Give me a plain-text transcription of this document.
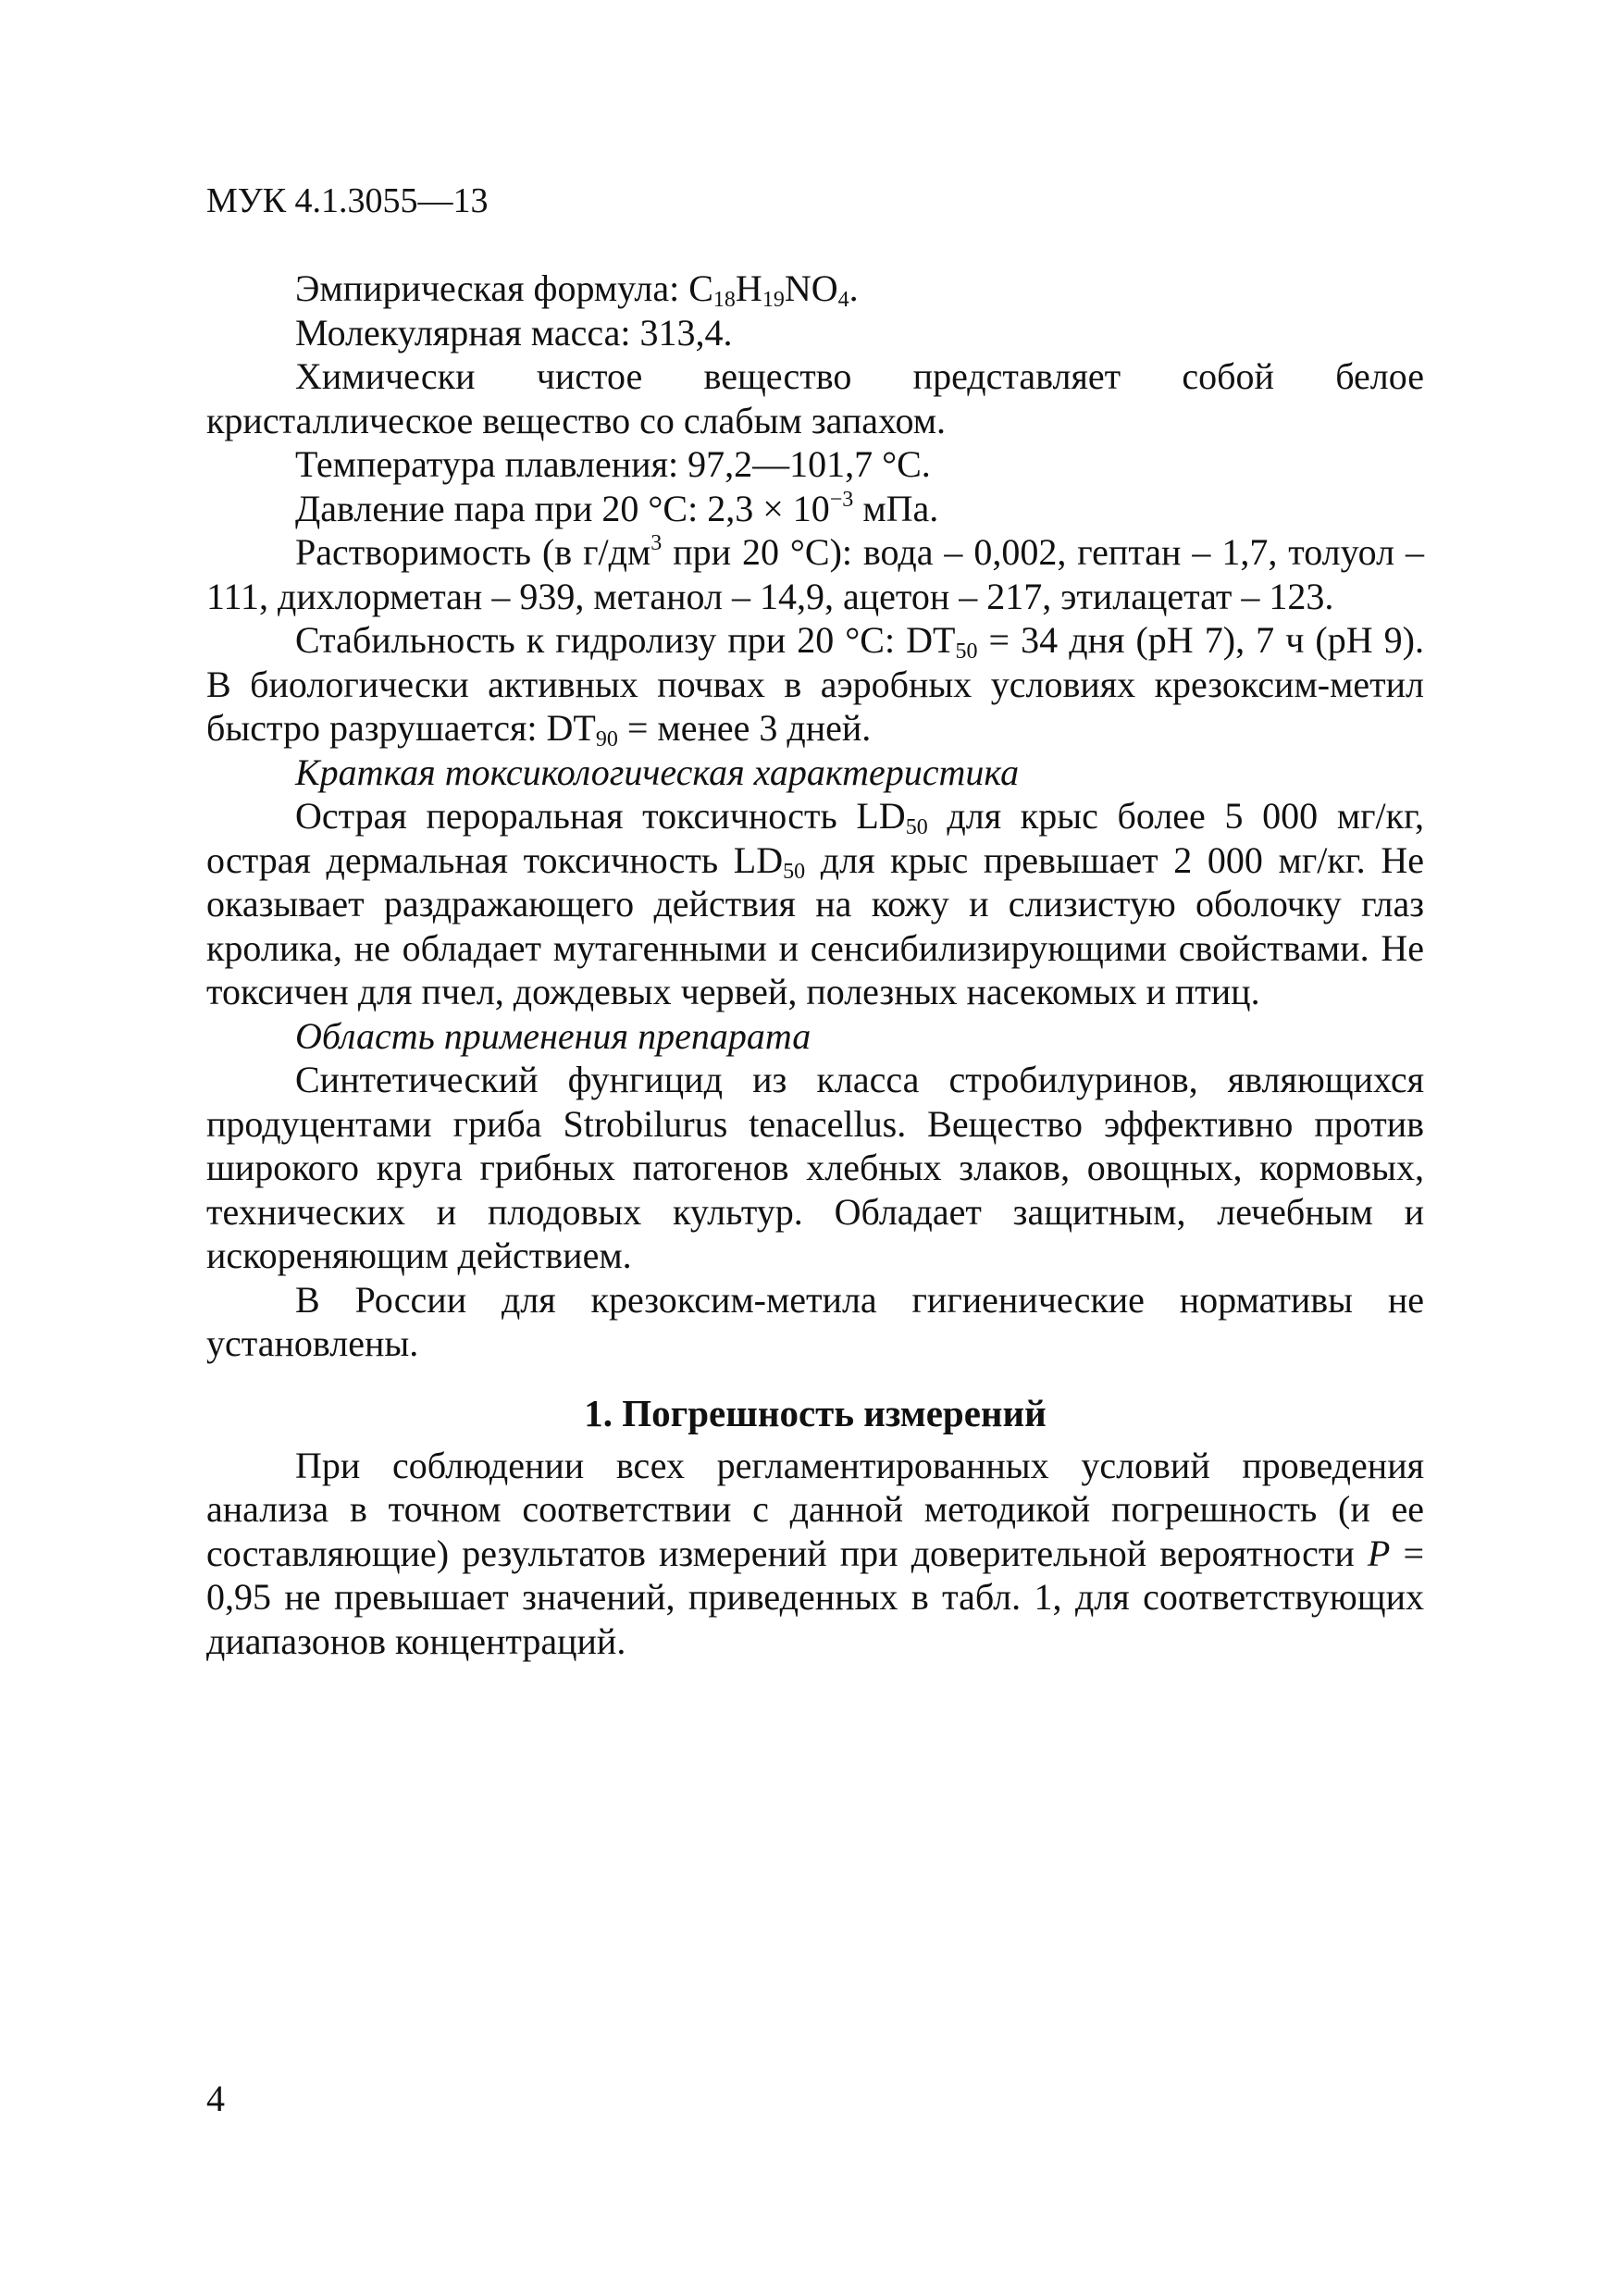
МУК 4.1.3055—13

Эмпирическая формула: $C_{18}H_{19}NO_4$.

Молекулярная масса: 313,4.

Химически чистое вещество представляет собой белое кристаллическое вещество со слабым запахом.

Температура плавления: 97,2—101,7 °С.

Давление пара при 20 °С: $2,3 \times 10^{-3}$ мПа.

Растворимость (в $г/дм^3$ при 20 °С): вода – 0,002, гептан – 1,7, толуол – 111, дихлорметан – 939, метанол – 14,9, ацетон – 217, этилацетат – 123.

Стабильность к гидролизу при 20 °С: $DT_{50} = 34$ дня (рН 7), 7 ч (рН 9). В биологически активных почвах в аэробных условиях крезоксим-метил быстро разрушается: $DT_{90}$ = менее 3 дней.

Краткая токсикологическая характеристика

Острая пероральная токсичность $LD_{50}$ для крыс более 5 000 мг/кг, острая дермальная токсичность $LD_{50}$ для крыс превышает 2 000 мг/кг. Не оказывает раздражающего действия на кожу и слизистую оболочку глаз кролика, не обладает мутагенными и сенсибилизирующими свойствами. Не токсичен для пчел, дождевых червей, полезных насекомых и птиц.

Область применения препарата

Синтетический фунгицид из класса стробилуринов, являющихся продуцентами гриба Strobilurus tenacellus. Вещество эффективно против широкого круга грибных патогенов хлебных злаков, овощных, кормовых, технических и плодовых культур. Обладает защитным, лечебным и искореняющим действием.

В России для крезоксим-метила гигиенические нормативы не установлены.

1. Погрешность измерений

При соблюдении всех регламентированных условий проведения анализа в точном соответствии с данной методикой погрешность (и ее составляющие) результатов измерений при доверительной вероятности P = 0,95 не превышает значений, приведенных в табл. 1, для соответствующих диапазонов концентраций.

4
